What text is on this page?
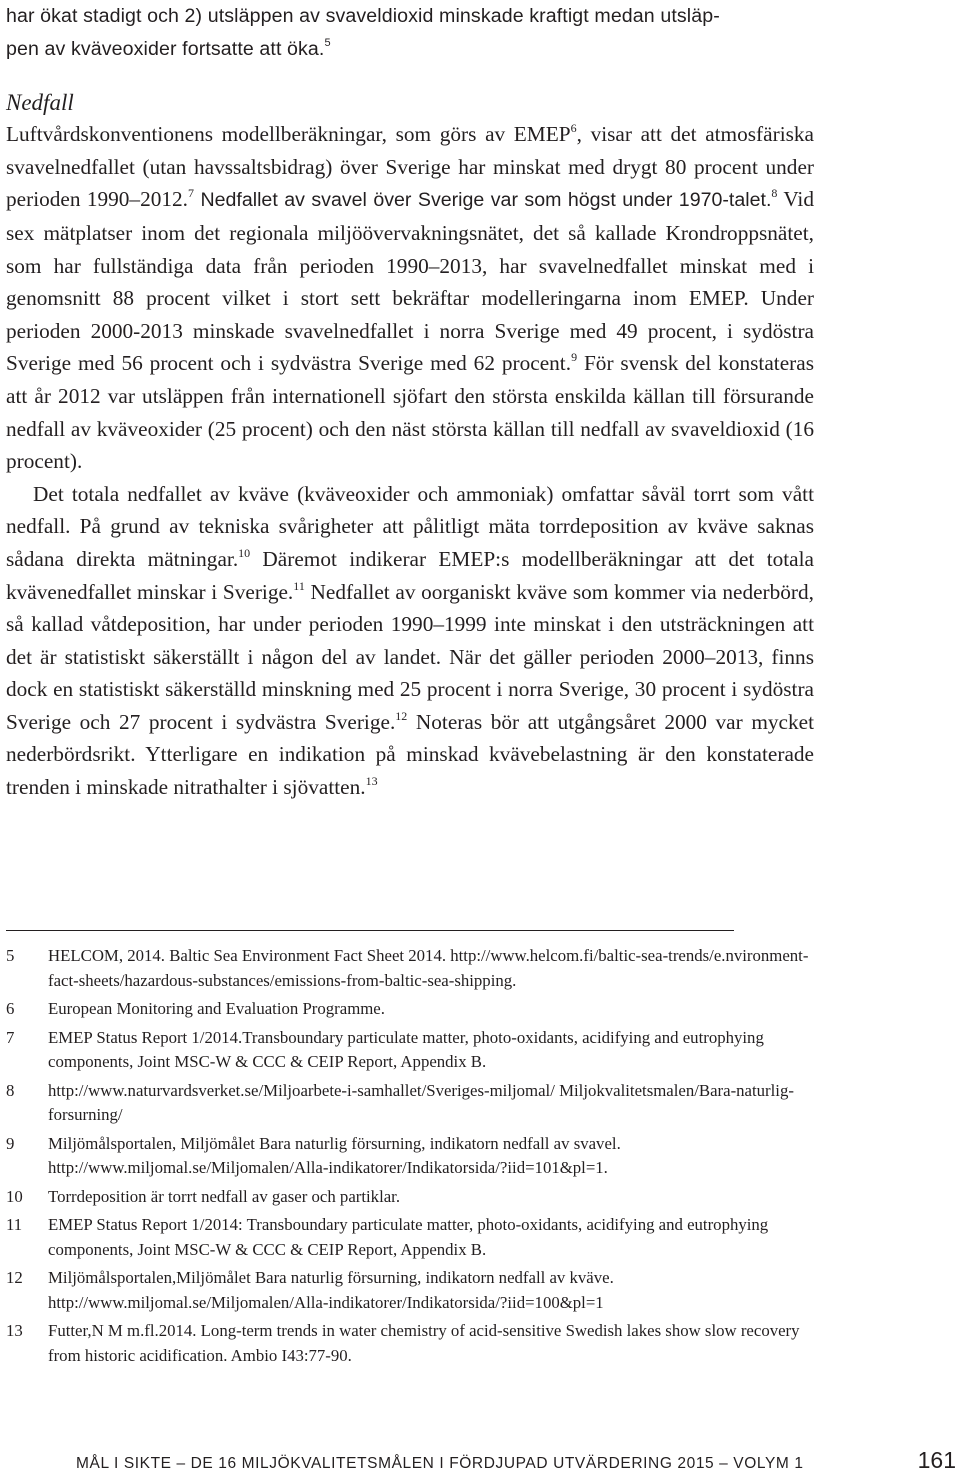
har ökat stadigt och 2) utsläppen av svaveldioxid minskade kraftigt medan utsläp-
pen av kväveoxider fortsatte att öka.$^5$
Nedfall

Luftvårdskonventionens modellberäkningar, som görs av EMEP$^6$, visar att det atmosfäriska svavelnedfallet (utan havssaltsbidrag) över Sverige har minskat med drygt 80 procent under perioden 1990–2012.$^7$ Nedfallet av svavel över Sverige var som högst under 1970-talet.$^8$ Vid sex mätplatser inom det regionala miljöövervakningsnätet, det så kallade Krondroppsnätet, som har fullständiga data från perioden 1990–2013, har svavelnedfallet minskat med i genomsnitt 88 procent vilket i stort sett bekräftar modelleringarna inom EMEP. Under perioden 2000-2013 minskade svavelnedfallet i norra Sverige med 49 procent, i sydöstra Sverige med 56 procent och i sydvästra Sverige med 62 procent.$^9$ För svensk del konstateras att år 2012 var utsläppen från internationell sjöfart den största enskilda källan till försurande nedfall av kväveoxider (25 procent) och den näst största källan till nedfall av svaveldioxid (16 procent).

Det totala nedfallet av kväve (kväveoxider och ammoniak) omfattar såväl torrt som vått nedfall. På grund av tekniska svårigheter att pålitligt mäta torrdeposition av kväve saknas sådana direkta mätningar.$^{10}$ Däremot indikerar EMEP:s modellberäkningar att det totala kvävenedfallet minskar i Sverige.$^{11}$ Nedfallet av oorganiskt kväve som kommer via nederbörd, så kallad våtdeposition, har under perioden 1990–1999 inte minskat i den utsträckningen att det är statistiskt säkerställt i någon del av landet. När det gäller perioden 2000–2013, finns dock en statistiskt säkerställd minskning med 25 procent i norra Sverige, 30 procent i sydöstra Sverige och 27 procent i sydvästra Sverige.$^{12}$ Noteras bör att utgångsåret 2000 var mycket nederbördsrikt. Ytterligare en indikation på minskad kvävebelastning är den konstaterade trenden i minskade nitrathalter i sjövatten.$^{13}$

5	HELCOM, 2014. Baltic Sea Environment Fact Sheet 2014. http://www.helcom.fi/baltic-sea-trends/e.nvironment-fact-sheets/hazardous-substances/emissions-from-baltic-sea-shipping.
6	European Monitoring and Evaluation Programme.
7	EMEP Status Report 1/2014.Transboundary particulate matter, photo-oxidants, acidifying and eutrophying components, Joint MSC-W & CCC & CEIP Report, Appendix B.
8	http://www.naturvardsverket.se/Miljoarbete-i-samhallet/Sveriges-miljomal/ Miljokvalitetsmalen/Bara-naturlig-forsurning/
9	Miljömålsportalen, Miljömålet Bara naturlig försurning, indikatorn nedfall av svavel. http://www.miljomal.se/Miljomalen/Alla-indikatorer/Indikatorsida/?iid=101&pl=1.
10	Torrdeposition är torrt nedfall av gaser och partiklar.
11	EMEP Status Report 1/2014: Transboundary particulate matter, photo-oxidants, acidifying and eutrophying components, Joint MSC-W & CCC & CEIP Report, Appendix B.
12	Miljömålsportalen,Miljömålet Bara naturlig försurning, indikatorn nedfall av kväve. http://www.miljomal.se/Miljomalen/Alla-indikatorer/Indikatorsida/?iid=100&pl=1
13	Futter,N M m.fl.2014. Long-term trends in water chemistry of acid-sensitive Swedish lakes show slow recovery from historic acidification. Ambio I43:77-90.
MÅL I SIKTE – DE 16 MILJÖKVALITETSMÅLEN I FÖRDJUPAD UTVÄRDERING 2015 – VOLYM 1	161
